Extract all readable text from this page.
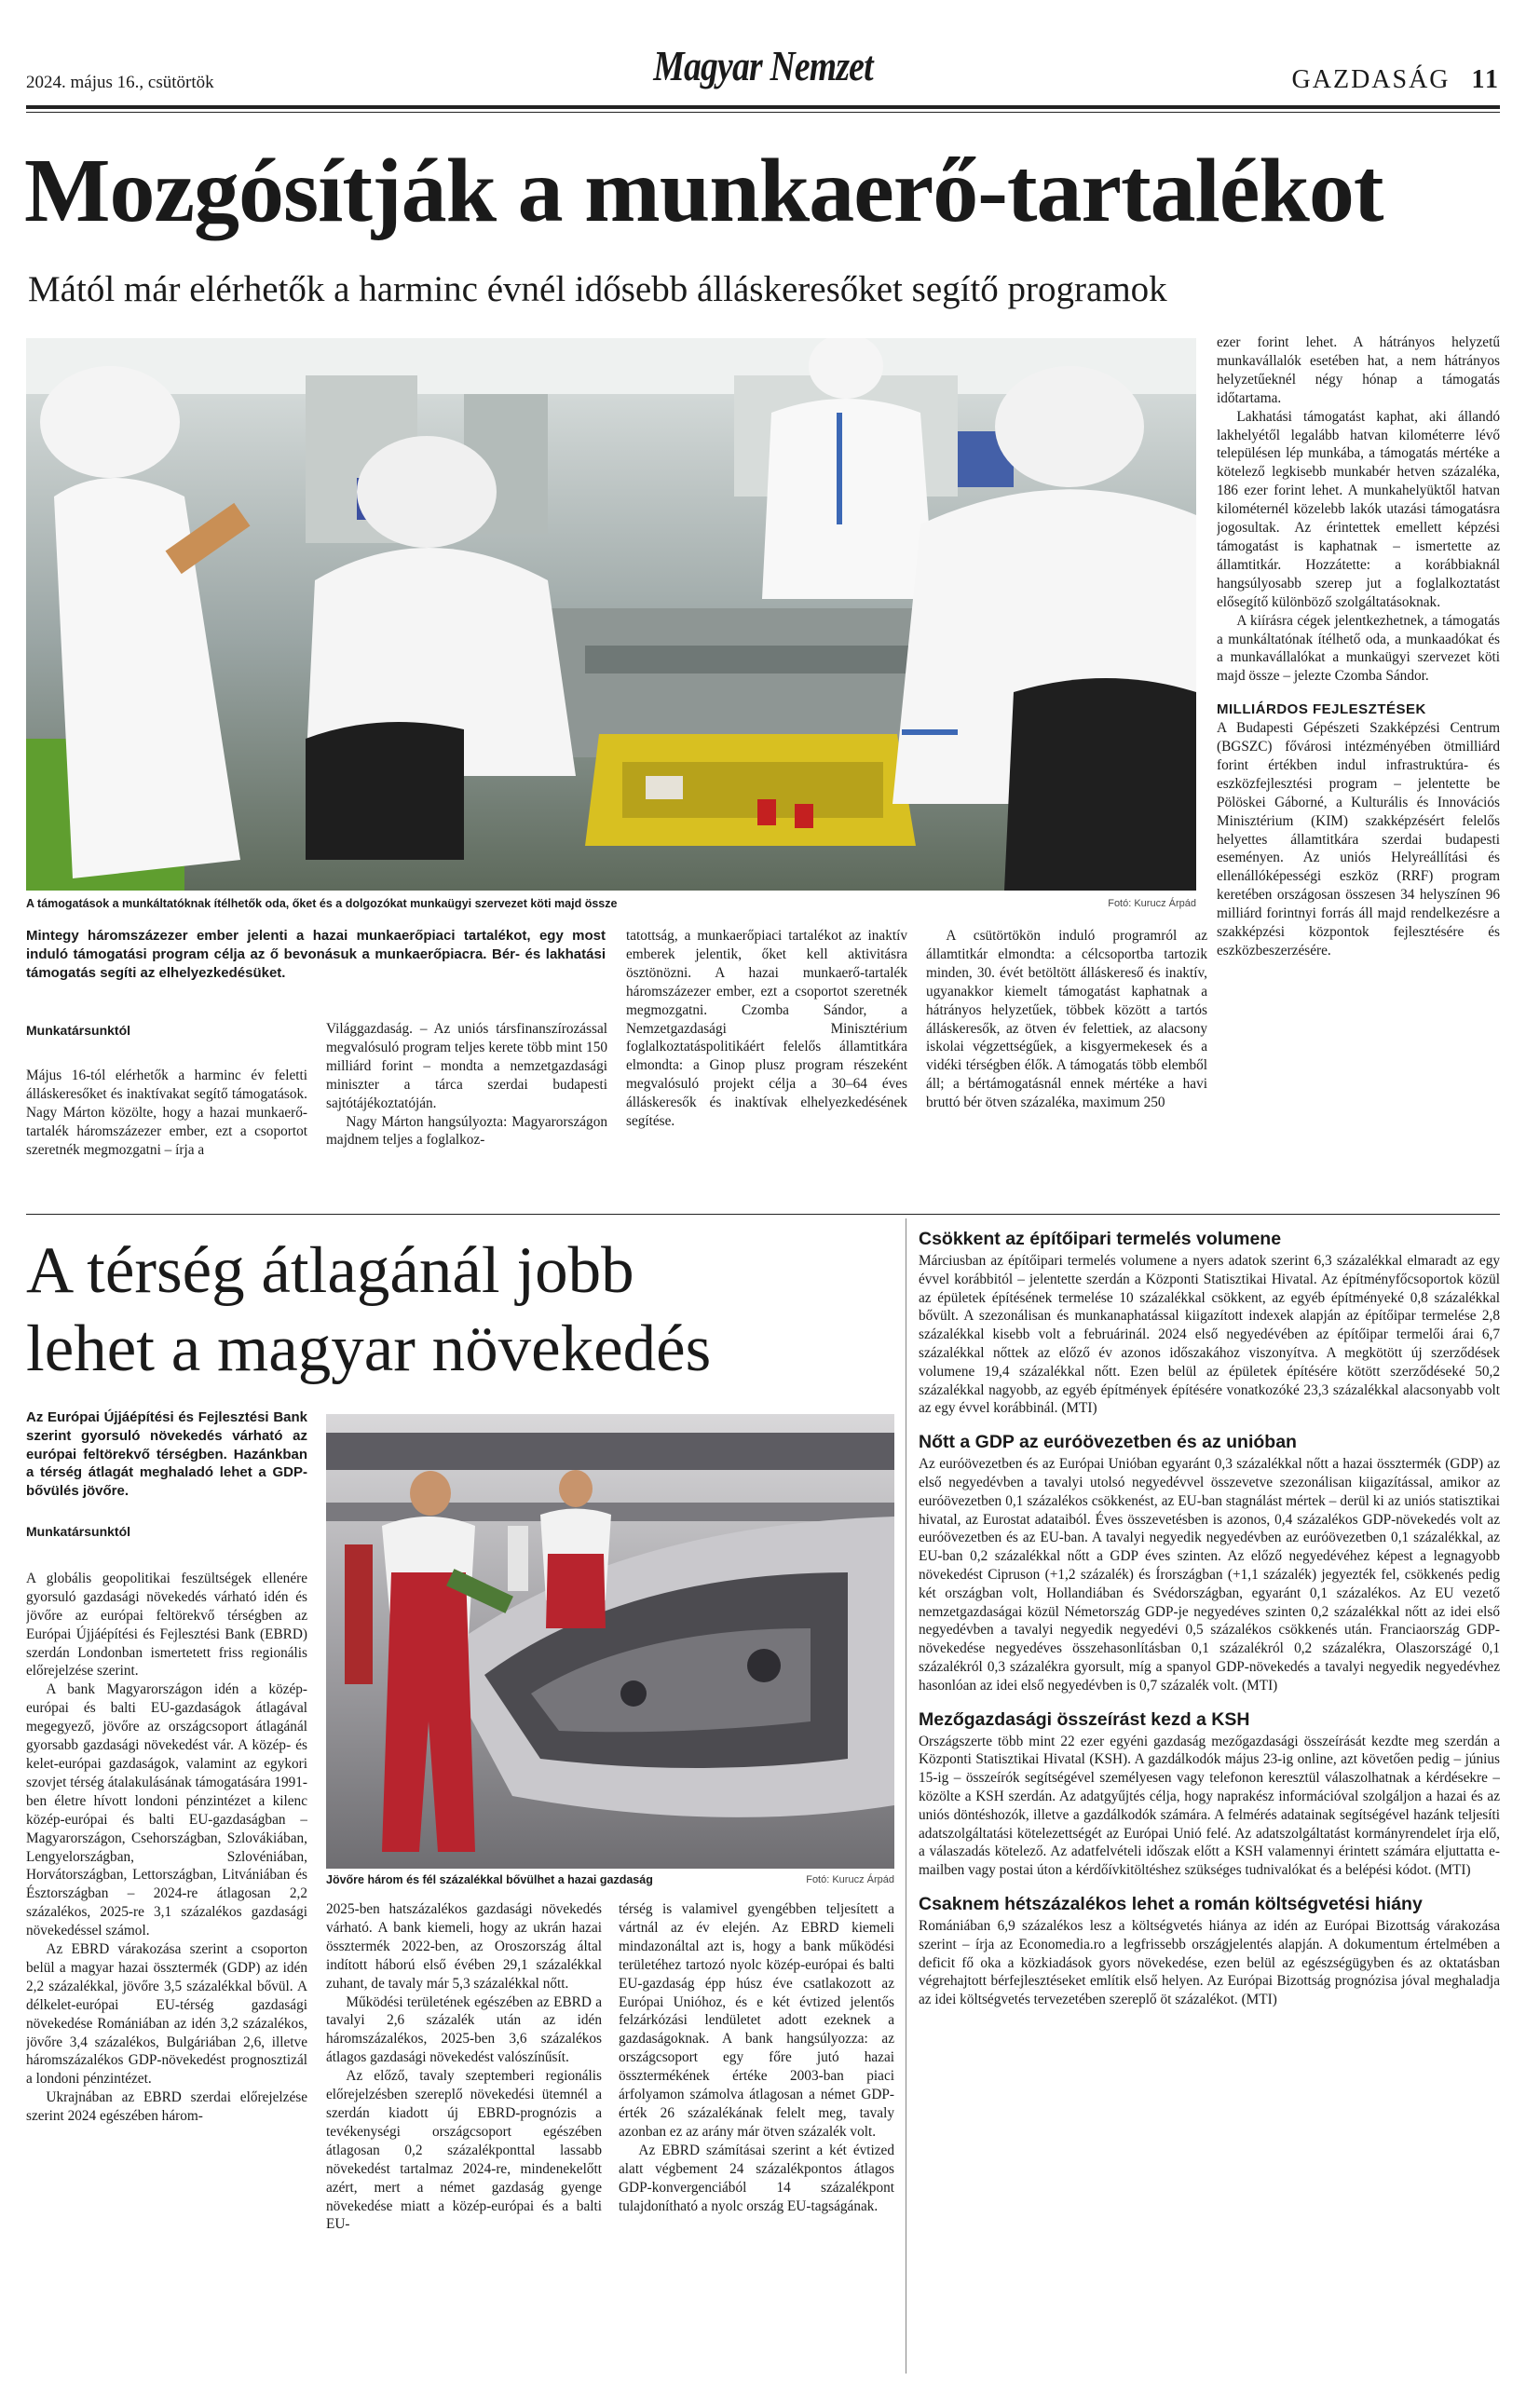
2024. május 16., csütörtök	Magyar Nemzet	GAZDASÁG 11
Mozgósítják a munkaerő-tartalékot
Mától már elérhetők a harminc évnél idősebb álláskeresőket segítő programok
A támogatások a munkáltatóknak ítélhetők oda, őket és a dolgozókat munkaügyi szervezet köti majd össze	Fotó: Kurucz Árpád
Mintegy háromszázezer ember jelenti a hazai munkaerőpiaci tartalékot, egy most induló támogatási program célja az ő bevonásuk a munkaerőpiacra. Bér- és lakhatási támogatás segíti az elhelyezkedésüket.

Munkatársunktól

Május 16-tól elérhetők a harminc év feletti álláskeresőket és inaktívakat segítő támogatások. Nagy Márton közölte, hogy a hazai munkaerő-tartalék háromszázezer ember, ezt a csoportot szeretnék megmozgatni – írja a

Világgazdaság. – Az uniós társfinanszírozással megvalósuló program teljes kerete több mint 150 milliárd forint – mondta a nemzetgazdasági miniszter a tárca szerdai budapesti sajtótájékoztatóján.

Nagy Márton hangsúlyozta: Magyarországon majdnem teljes a foglalkoz-

tatottság, a munkaerőpiaci tartalékot az inaktív emberek jelentik, őket kell aktivitásra ösztönözni. A hazai munkaerő-tartalék háromszázezer ember, ezt a csoportot szeretnék megmozgatni. Czomba Sándor, a Nemzetgazdasági Minisztérium foglalkoztatáspolitikáért felelős államtitkára elmondta: a Ginop plusz program részeként megvalósuló projekt célja a 30–64 éves álláskeresők és inaktívak elhelyezkedésének segítése.

A csütörtökön induló programról az államtitkár elmondta: a célcsoportba tartozik minden, 30. évét betöltött álláskereső és inaktív, ugyanakkor kiemelt támogatást kaphatnak a hátrányos helyzetűek, többek között a tartós álláskeresők, az ötven év felettiek, az alacsony iskolai végzettségűek, a kisgyermekesek és a vidéki térségben élők. A támogatás több elemből áll; a bértámogatásnál ennek mértéke a havi bruttó bér ötven százaléka, maximum 250

ezer forint lehet. A hátrányos helyzetű munkavállalók esetében hat, a nem hátrányos helyzetűeknél négy hónap a támogatás időtartama.

Lakhatási támogatást kaphat, aki állandó lakhelyétől legalább hatvan kilométerre lévő településen lép munkába, a támogatás mértéke a kötelező legkisebb munkabér hetven százaléka, 186 ezer forint lehet. A munkahelyüktől hatvan kilométernél közelebb lakók utazási támogatásra jogosultak. Az érintettek emellett képzési támogatást is kaphatnak – ismertette az államtitkár. Hozzátette: a korábbiaknál hangsúlyosabb szerep jut a foglalkoztatást elősegítő különböző szolgáltatásoknak.

A kiírásra cégek jelentkezhetnek, a támogatás a munkáltatónak ítélhető oda, a munkaadókat és a munkavállalókat a munkaügyi szervezet köti majd össze – jelezte Czomba Sándor.

MILLIÁRDOS FEJLESZTÉSEK

A Budapesti Gépészeti Szakképzési Centrum (BGSZC) fővárosi intézményében ötmilliárd forint értékben indul infrastruktúra- és eszközfejlesztési program – jelentette be Pölöskei Gáborné, a Kulturális és Innovációs Minisztérium (KIM) szakképzésért felelős helyettes államtitkára szerdai budapesti eseményen. Az uniós Helyreállítási és ellenállóképességi eszköz (RRF) program keretében országosan összesen 34 helyszínen 96 milliárd forintnyi forrás áll majd rendelkezésre a szakképzési központok fejlesztésére és eszközbeszerzésére.

A térség átlagánál jobb
lehet a magyar növekedés
Az Európai Újjáépítési és Fejlesztési Bank szerint gyorsuló növekedés várható az európai feltörekvő térségben. Hazánkban a térség átlagát meghaladó lehet a GDP-bővülés jövőre.
Jövőre három és fél százalékkal bővülhet a hazai gazdaság	Fotó: Kurucz Árpád

Munkatársunktól

A globális geopolitikai feszültségek ellenére gyorsuló gazdasági növekedés várható idén és jövőre az európai feltörekvő térségben az Európai Újjáépítési és Fejlesztési Bank (EBRD) szerdán Londonban ismertetett friss regionális előrejelzése szerint.

A bank Magyarországon idén a közép-európai és balti EU-gazdaságok átlagával megegyező, jövőre az országcsoport átlagánál gyorsabb gazdasági növekedést vár. A közép- és kelet-európai gazdaságok, valamint az egykori szovjet térség átalakulásának támogatására 1991-ben életre hívott londoni pénzintézet a kilenc közép-európai és balti EU-gazdaságban – Magyarországon, Csehországban, Szlovákiában, Lengyelországban, Szlovéniában, Horvátországban, Lettországban, Litvániában és Észtországban – 2024-re átlagosan 2,2 százalékos, 2025-re 3,1 százalékos gazdasági növekedéssel számol.

Az EBRD várakozása szerint a csoporton belül a magyar hazai össztermék (GDP) az idén 2,2 százalékkal, jövőre 3,5 százalékkal bővül. A délkelet-európai EU-térség gazdasági növekedése Romániában az idén 3,2 százalékos, jövőre 3,4 százalékos, Bulgáriában 2,6, illetve háromszázalékos GDP-növekedést prognosztizál a londoni pénzintézet.

Ukrajnában az EBRD szerdai előrejelzése szerint 2024 egészében három-

2025-ben hatszázalékos gazdasági növekedés várható. A bank kiemeli, hogy az ukrán hazai össztermék 2022-ben, az Oroszország által indított háború első évében 29,1 százalékkal zuhant, de tavaly már 5,3 százalékkal nőtt.

Működési területének egészében az EBRD a tavalyi 2,6 százalék után az idén háromszázalékos, 2025-ben 3,6 százalékos átlagos gazdasági növekedést valószínűsít.

Az előző, tavaly szeptemberi regionális előrejelzésben szereplő növekedési ütemnél a szerdán kiadott új EBRD-prognózis a tevékenységi országcsoport egészében átlagosan 0,2 százalékponttal lassabb növekedést tartalmaz 2024-re, mindenekelőtt azért, mert a német gazdaság gyenge növekedése miatt a közép-európai és a balti EU-

térség is valamivel gyengébben teljesített a vártnál az év elején. Az EBRD kiemeli mindazonáltal azt is, hogy a bank működési területéhez tartozó nyolc közép-európai és balti EU-gazdaság épp húsz éve csatlakozott az Európai Unióhoz, és e két évtized jelentős felzárkózási lendületet adott ezeknek a gazdaságoknak. A bank hangsúlyozza: az országcsoport egy főre jutó hazai össztermékének értéke 2003-ban piaci árfolyamon számolva átlagosan a német GDP-érték 26 százalékának felelt meg, tavaly azonban ez az arány már ötven százalék volt.

Az EBRD számításai szerint a két évtized alatt végbement 24 százalékpontos átlagos GDP-konvergenciából 14 százalékpont tulajdonítható a nyolc ország EU-tagságának.

Csökkent az építőipari termelés volumene
Márciusban az építőipari termelés volumene a nyers adatok szerint 6,3 százalékkal elmaradt az egy évvel korábbitól – jelentette szerdán a Központi Statisztikai Hivatal. Az építményfőcsoportok közül az épületek építésének termelése 10 százalékkal csökkent, az egyéb építményeké 0,8 százalékkal bővült. A szezonálisan és munkanaphatással kiigazított indexek alapján az építőipar termelése 2,8 százalékkal kisebb volt a februárinál. 2024 első negyedévében az építőipar termelői árai 6,7 százalékkal nőttek az előző év azonos időszakához viszonyítva. A megkötött új szerződések volumene 19,4 százalékkal nőtt. Ezen belül az épületek építésére kötött szerződéseké 50,2 százalékkal nagyobb, az egyéb építmények építésére vonatkozóké 23,3 százalékkal alacsonyabb volt az egy évvel korábbinál. (MTI)
Nőtt a GDP az euróövezetben és az unióban
Az euróövezetben és az Európai Unióban egyaránt 0,3 százalékkal nőtt a hazai össztermék (GDP) az első negyedévben a tavalyi utolsó negyedévvel összevetve szezonálisan kiigazítással, amikor az euróövezetben 0,1 százalékos csökkenést, az EU-ban stagnálást mértek – derül ki az uniós statisztikai hivatal, az Eurostat adataiból. Éves összevetésben is azonos, 0,4 százalékos GDP-növekedés volt az euróövezetben és az EU-ban. A tavalyi negyedik negyedévben az euróövezetben 0,1 százalékkal, az EU-ban 0,2 százalékkal nőtt a GDP éves szinten. Az előző negyedévéhez képest a legnagyobb növekedést Cipruson (+1,2 százalék) és Írországban (+1,1 százalék) jegyezték fel, csökkenés pedig két országban volt, Hollandiában és Svédországban, egyaránt 0,1 százalékos. Az EU vezető nemzetgazdaságai közül Németország GDP-je negyedéves szinten 0,2 százalékkal nőtt az idei első negyedévben a tavalyi negyedik negyedévi 0,5 százalékos csökkenés után. Franciaország GDP-növekedése negyedéves összehasonlításban 0,1 százalékról 0,2 százalékra, Olaszországé 0,1 százalékról 0,3 százalékra gyorsult, míg a spanyol GDP-növekedés a tavalyi negyedik negyedévhez hasonlóan az idei első negyedévben is 0,7 százalék volt. (MTI)
Mezőgazdasági összeírást kezd a KSH
Országszerte több mint 22 ezer egyéni gazdaság mezőgazdasági összeírását kezdte meg szerdán a Központi Statisztikai Hivatal (KSH). A gazdálkodók május 23-ig online, azt követően pedig – június 15-ig – összeírók segítségével személyesen vagy telefonon keresztül válaszolhatnak a kérdésekre – közölte a KSH szerdán. Az adatgyűjtés célja, hogy naprakész információval szolgáljon a hazai és az uniós döntéshozók, illetve a gazdálkodók számára. A felmérés adatainak segítségével hazánk teljesíti adatszolgáltatási kötelezettségét az Európai Unió felé. Az adatszolgáltatást kormányrendelet írja elő, a válaszadás kötelező. Az adatfelvételi időszak előtt a KSH valamennyi érintett számára eljuttatta e-mailben vagy postai úton a kérdőívkitöltéshez szükséges tudnivalókat és a belépési kódot. (MTI)
Csaknem hétszázalékos lehet a román költségvetési hiány
Romániában 6,9 százalékos lesz a költségvetés hiánya az idén az Európai Bizottság várakozása szerint – írja az Economedia.ro a legfrissebb országjelentés alapján. A dokumentum értelmében a deficit fő oka a közkiadások gyors növekedése, ezen belül az egészségügyben és az oktatásban végrehajtott bérfejlesztéseket említik első helyen. Az Európai Bizottság prognózisa jóval meghaladja az idei költségvetés tervezetében szereplő öt százalékot. (MTI)
